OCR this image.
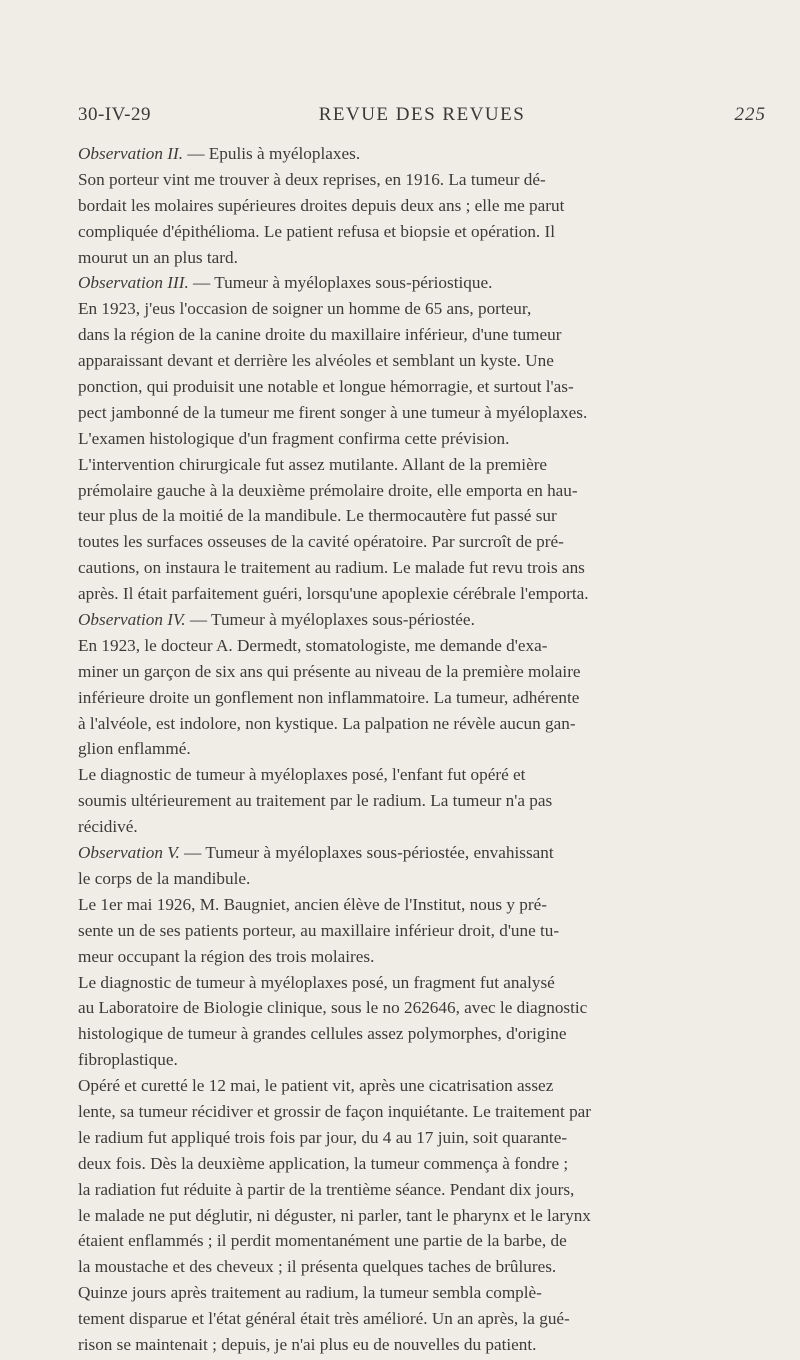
REVUE DES REVUES
30-IV-29	225
Observation II. — Epulis à myéloplaxes.
Son porteur vint me trouver à deux reprises, en 1916. La tumeur dé-
bordait les molaires supérieures droites depuis deux ans ; elle me parut
compliquée d'épithélioma. Le patient refusa et biopsie et opération. Il
mourut un an plus tard.
Observation III. — Tumeur à myéloplaxes sous-périostique.
En 1923, j'eus l'occasion de soigner un homme de 65 ans, porteur,
dans la région de la canine droite du maxillaire inférieur, d'une tumeur
apparaissant devant et derrière les alvéoles et semblant un kyste. Une
ponction, qui produisit une notable et longue hémorragie, et surtout l'as-
pect jambonné de la tumeur me firent songer à une tumeur à myéloplaxes.
L'examen histologique d'un fragment confirma cette prévision.
L'intervention chirurgicale fut assez mutilante. Allant de la première
prémolaire gauche à la deuxième prémolaire droite, elle emporta en hau-
teur plus de la moitié de la mandibule. Le thermocautère fut passé sur
toutes les surfaces osseuses de la cavité opératoire. Par surcroît de pré-
cautions, on instaura le traitement au radium. Le malade fut revu trois ans
après. Il était parfaitement guéri, lorsqu'une apoplexie cérébrale l'emporta.
Observation IV. — Tumeur à myéloplaxes sous-périostée.
En 1923, le docteur A. Dermedt, stomatologiste, me demande d'exa-
miner un garçon de six ans qui présente au niveau de la première molaire
inférieure droite un gonflement non inflammatoire. La tumeur, adhérente
à l'alvéole, est indolore, non kystique. La palpation ne révèle aucun gan-
glion enflammé.
Le diagnostic de tumeur à myéloplaxes posé, l'enfant fut opéré et
soumis ultérieurement au traitement par le radium. La tumeur n'a pas
récidivé.
Observation V. — Tumeur à myéloplaxes sous-périostée, envahissant
le corps de la mandibule.
Le 1er mai 1926, M. Baugniet, ancien élève de l'Institut, nous y pré-
sente un de ses patients porteur, au maxillaire inférieur droit, d'une tu-
meur occupant la région des trois molaires.
Le diagnostic de tumeur à myéloplaxes posé, un fragment fut analysé
au Laboratoire de Biologie clinique, sous le no 262646, avec le diagnostic
histologique de tumeur à grandes cellules assez polymorphes, d'origine
fibroplastique.
Opéré et curetté le 12 mai, le patient vit, après une cicatrisation assez
lente, sa tumeur récidiver et grossir de façon inquiétante. Le traitement par
le radium fut appliqué trois fois par jour, du 4 au 17 juin, soit quarante-
deux fois. Dès la deuxième application, la tumeur commença à fondre ;
la radiation fut réduite à partir de la trentième séance. Pendant dix jours,
le malade ne put déglutir, ni déguster, ni parler, tant le pharynx et le larynx
étaient enflammés ; il perdit momentanément une partie de la barbe, de
la moustache et des cheveux ; il présenta quelques taches de brûlures.
Quinze jours après traitement au radium, la tumeur sembla complè-
tement disparue et l'état général était très amélioré. Un an après, la gué-
rison se maintenait ; depuis, je n'ai plus eu de nouvelles du patient.
